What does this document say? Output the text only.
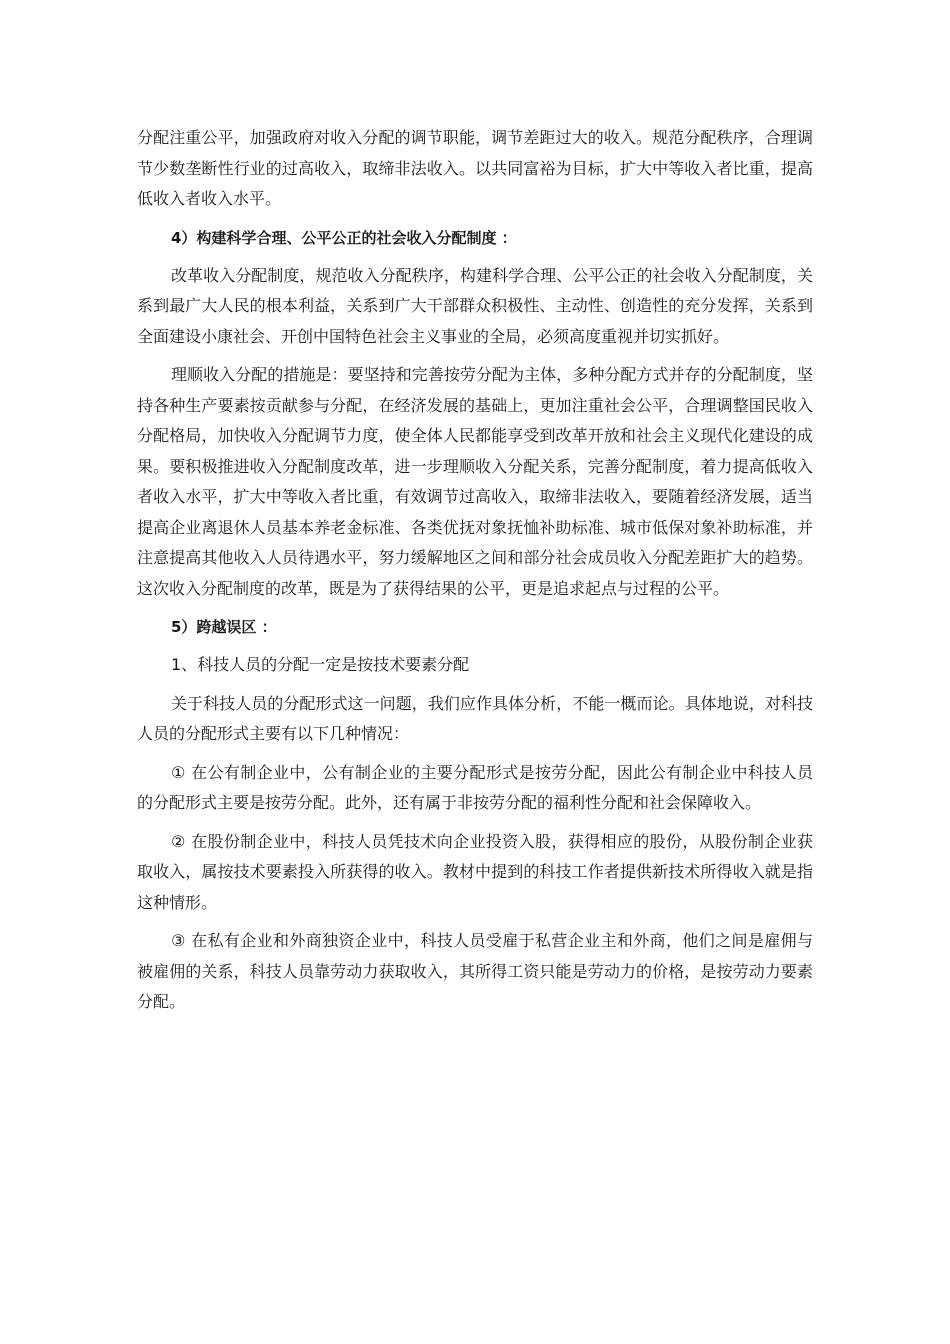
分配注重公平，加强政府对收入分配的调节职能，调节差距过大的收入。规范分配秩序，合理调节少数垄断性行业的过高收入，取缔非法收入。以共同富裕为目标，扩大中等收入者比重，提高低收入者收入水平。

4）构建科学合理、公平公正的社会收入分配制度 ：

改革收入分配制度，规范收入分配秩序，构建科学合理、公平公正的社会收入分配制度，关系到最广大人民的根本利益，关系到广大干部群众积极性、主动性、创造性的充分发挥，关系到全面建设小康社会、开创中国特色社会主义事业的全局，必须高度重视并切实抓好。

理顺收入分配的措施是：要坚持和完善按劳分配为主体，多种分配方式并存的分配制度，坚持各种生产要素按贡献参与分配，在经济发展的基础上，更加注重社会公平，合理调整国民收入分配格局，加快收入分配调节力度，使全体人民都能享受到改革开放和社会主义现代化建设的成果。要积极推进收入分配制度改革，进一步理顺收入分配关系，完善分配制度，着力提高低收入者收入水平，扩大中等收入者比重，有效调节过高收入，取缔非法收入，要随着经济发展，适当提高企业离退休人员基本养老金标准、各类优抚对象抚恤补助标准、城市低保对象补助标准，并注意提高其他收入人员待遇水平，努力缓解地区之间和部分社会成员收入分配差距扩大的趋势。这次收入分配制度的改革，既是为了获得结果的公平，更是追求起点与过程的公平。

5）跨越误区 ：

1、科技人员的分配一定是按技术要素分配

关于科技人员的分配形式这一问题，我们应作具体分析，不能一概而论。具体地说，对科技人员的分配形式主要有以下几种情况：

① 在公有制企业中，公有制企业的主要分配形式是按劳分配，因此公有制企业中科技人员的分配形式主要是按劳分配。此外，还有属于非按劳分配的福利性分配和社会保障收入。

② 在股份制企业中，科技人员凭技术向企业投资入股，获得相应的股份，从股份制企业获取收入，属按技术要素投入所获得的收入。教材中提到的科技工作者提供新技术所得收入就是指这种情形。

③ 在私有企业和外商独资企业中，科技人员受雇于私营企业主和外商，他们之间是雇佣与被雇佣的关系，科技人员靠劳动力获取收入，其所得工资只能是劳动力的价格，是按劳动力要素分配。
